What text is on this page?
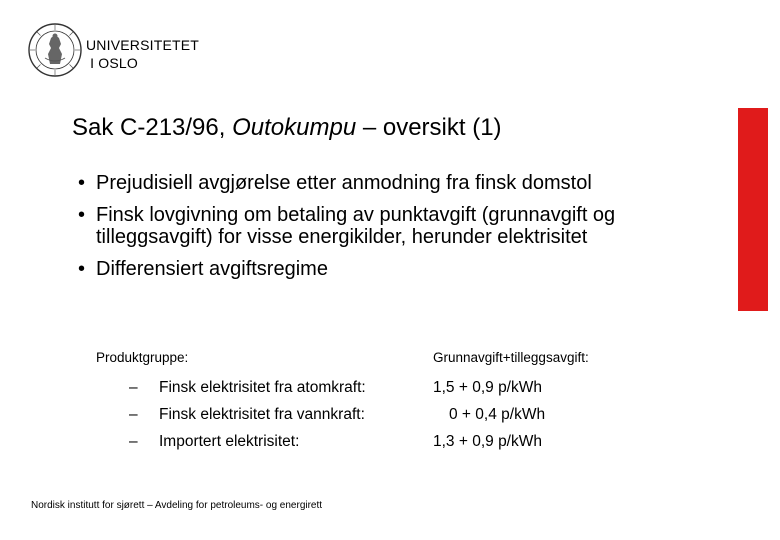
UNIVERSITETET
I OSLO
Sak C-213/96, Outokumpu – oversikt (1)
• Prejudisiell avgjørelse etter anmodning fra finsk domstol
• Finsk lovgivning om betaling av punktavgift (grunnavgift og tilleggsavgift) for visse energikilder, herunder elektrisitet
• Differensiert avgiftsregime
Produktgruppe:	Grunnavgift+tilleggsavgift:
– Finsk elektrisitet fra atomkraft:
– Finsk elektrisitet fra vannkraft:
– Importert elektrisitet:
1,5 + 0,9 p/kWh
0 + 0,4 p/kWh
1,3 + 0,9 p/kWh
Nordisk institutt for sjørett – Avdeling for petroleums- og energirett
